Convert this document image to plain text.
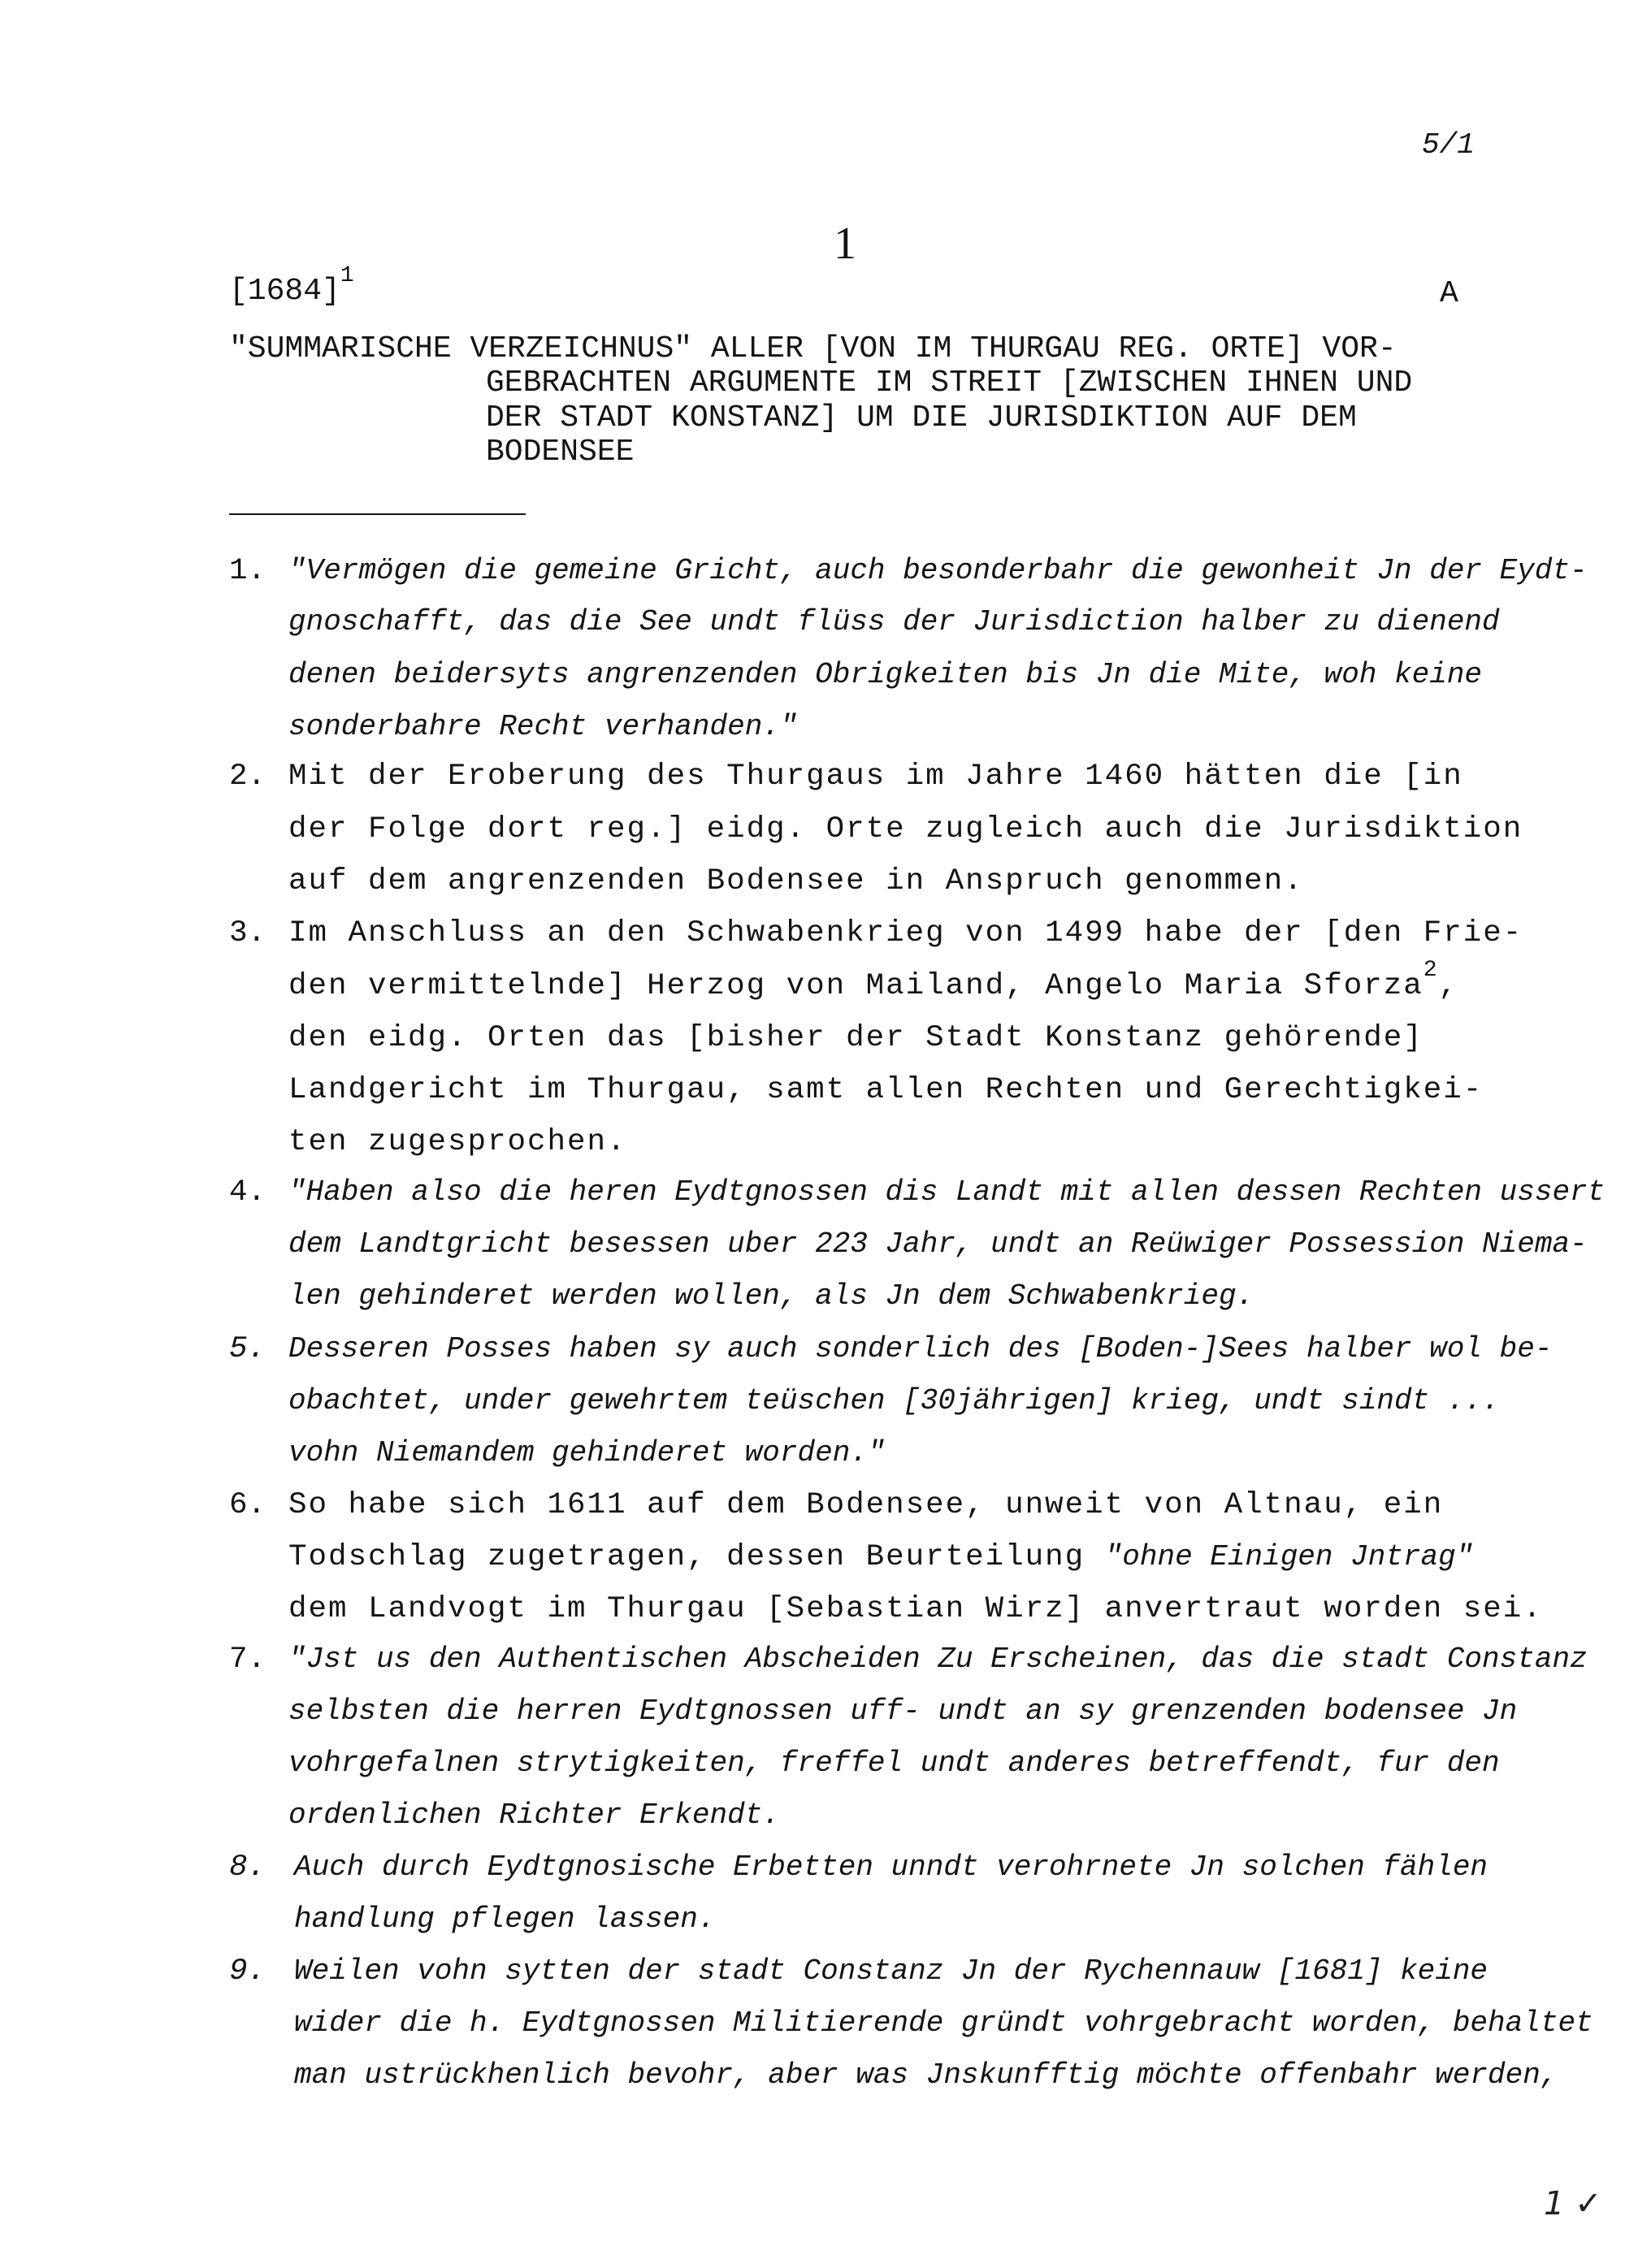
5/1
1
$[1684]^1$
A
"SUMMARISCHE VERZEICHNUS" ALLER [VON IM THURGAU REG. ORTE] VOR-
GEBRACHTEN ARGUMENTE IM STREIT [ZWISCHEN IHNEN UND
DER STADT KONSTANZ] UM DIE JURISDIKTION AUF DEM
BODENSEE
1. "Vermögen die gemeine Gricht, auch besonderbahr die gewonheit Jn der Eydt-
gnoschafft, das die See undt flüss der Jurisdiction halber zu dienend
denen beidersyts angrenzenden Obrigkeiten bis Jn die Mite, woh keine
sonderbahre Recht verhanden."
2. Mit der Eroberung des Thurgaus im Jahre 1460 hätten die [in
der Folge dort reg.] eidg. Orte zugleich auch die Jurisdiktion
auf dem angrenzenden Bodensee in Anspruch genommen.
3. Im Anschluss an den Schwabenkrieg von 1499 habe der [den Frie-
den vermittelnde] Herzog von Mailand, Angelo Maria Sforza$^2$,
den eidg. Orten das [bisher der Stadt Konstanz gehörende]
Landgericht im Thurgau, samt allen Rechten und Gerechtigkei-
ten zugesprochen.
4. "Haben also die heren Eydtgnossen dis Landt mit allen dessen Rechten ussert
dem Landtgricht besessen uber 223 Jahr, undt an Reüwiger Possession Niema-
len gehinderet werden wollen, als Jn dem Schwabenkrieg.
5. Desseren Posses haben sy auch sonderlich des [Boden-]Sees halber wol be-
obachtet, under gewehrtem teüschen [30jährigen] krieg, undt sindt ...
vohn Niemandem gehinderet worden."
6. So habe sich 1611 auf dem Bodensee, unweit von Altnau, ein
Todschlag zugetragen, dessen Beurteilung "ohne Einigen Jntrag"
dem Landvogt im Thurgau [Sebastian Wirz] anvertraut worden sei.
7. "Jst us den Authentischen Abscheiden Zu Erscheinen, das die stadt Constanz
selbsten die herren Eydtgnossen uff- undt an sy grenzenden bodensee Jn
vohrgefalnen strytigkeiten, freffel undt anderes betreffendt, fur den
ordenlichen Richter Erkendt.
8. Auch durch Eydtgnosische Erbetten unndt verohrnete Jn solchen fählen
handlung pflegen lassen.
9. Weilen vohn sytten der stadt Constanz Jn der Rychennauw [1681] keine
wider die h. Eydtgnossen Militierende gründt vohrgebracht worden, behaltet
man ustrückhenlich bevohr, aber was Jnskunfftig möchte offenbahr werden,
1 ✓
